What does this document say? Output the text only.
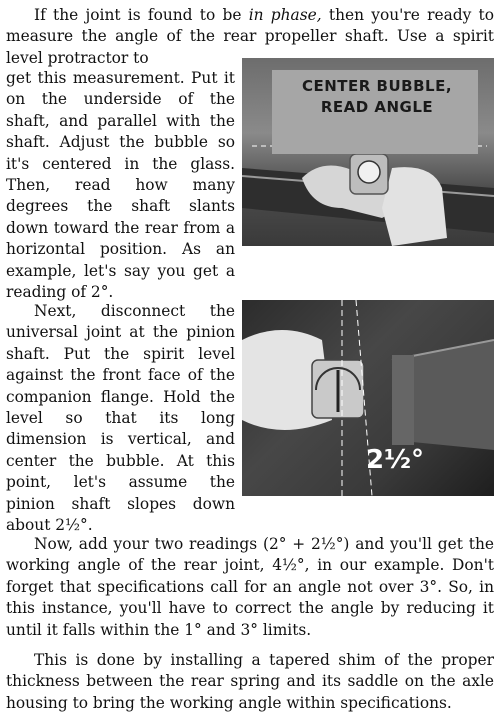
If the joint is found to be in phase, then you're ready to measure the angle of the rear propeller shaft. Use a spirit level protractor to

get this measurement. Put it on the underside of the shaft, and parallel with the shaft. Adjust the bubble so it's centered in the glass. Then, read how many degrees the shaft slants down toward the rear from a horizontal position. As an example, let's say you get a reading of 2°.

CENTER BUBBLE,
READ ANGLE

Next, disconnect the universal joint at the pinion shaft. Put the spirit level against the front face of the companion flange. Hold the level so that its long dimension is vertical, and center the bubble. At this point, let's assume the pinion shaft slopes down about 2½°.

2½°

Now, add your two readings (2° + 2½°) and you'll get the working angle of the rear joint, 4½°, in our example. Don't forget that specifications call for an angle not over 3°. So, in this instance, you'll have to correct the angle by reducing it until it falls within the 1° and 3° limits.

This is done by installing a tapered shim of the proper thickness between the rear spring and its saddle on the axle housing to bring the working angle within specifications.
